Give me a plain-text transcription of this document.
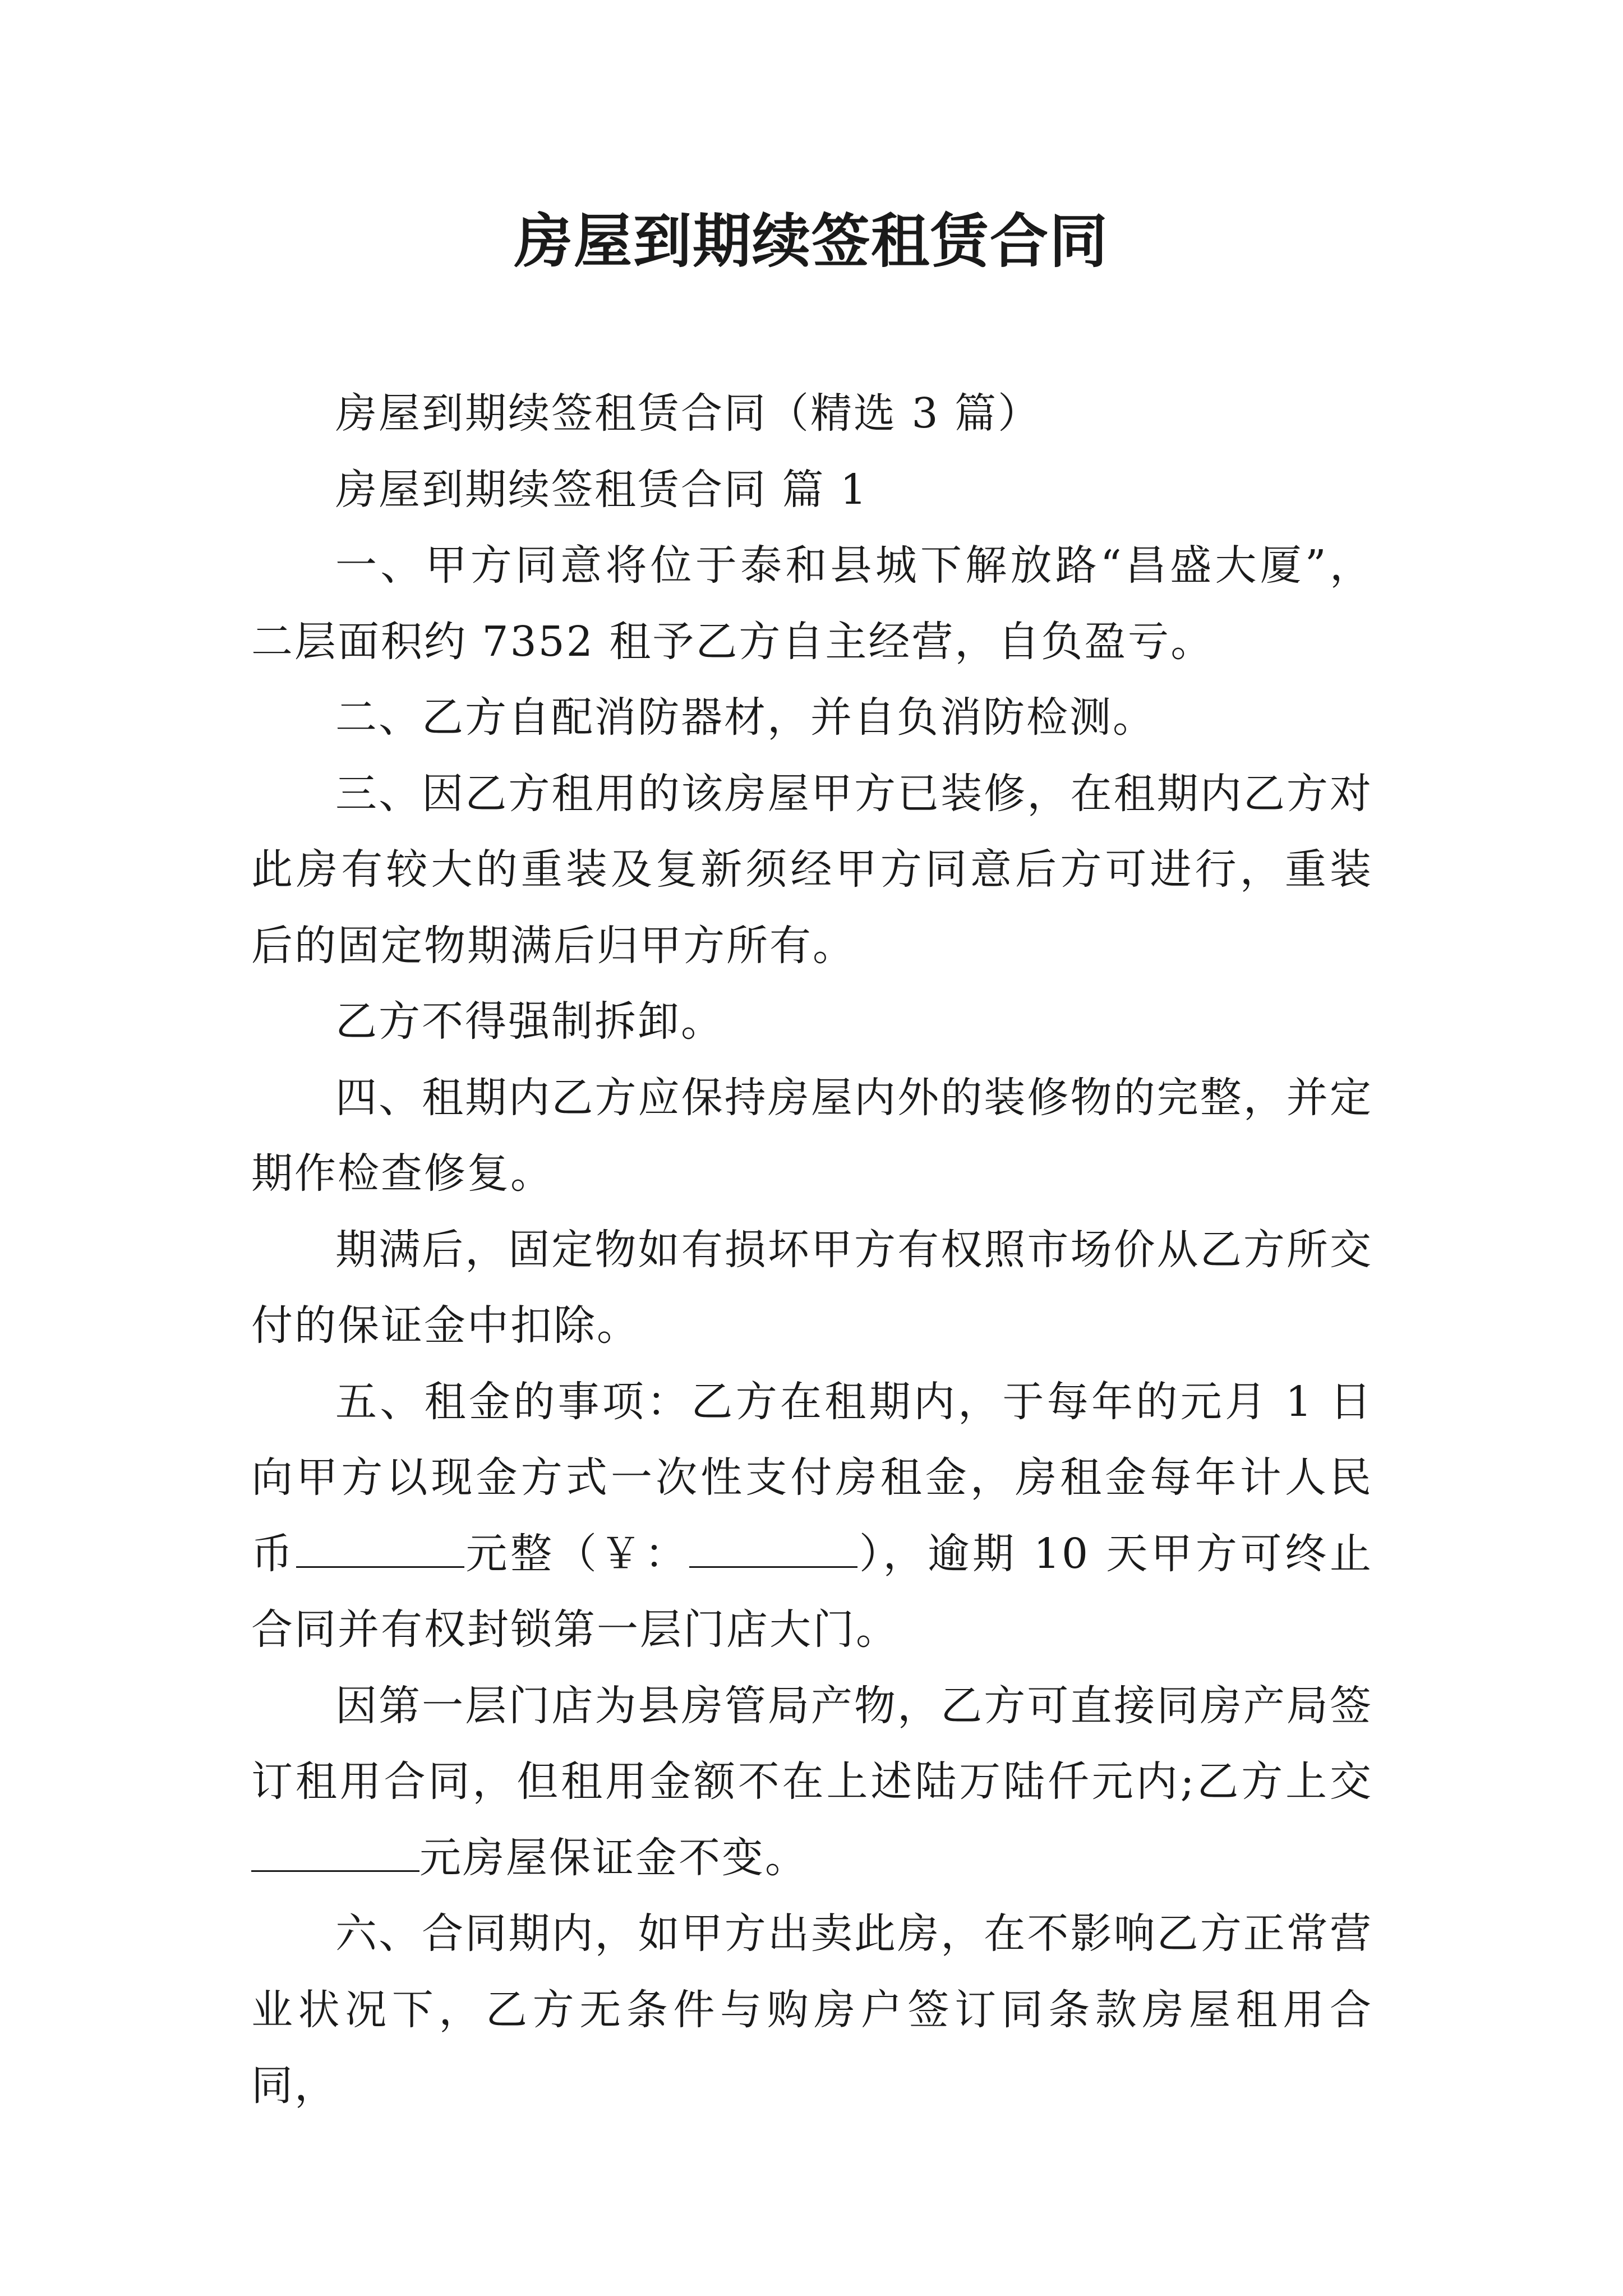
房屋到期续签租赁合同

房屋到期续签租赁合同（精选 3 篇）

房屋到期续签租赁合同 篇 1

一、甲方同意将位于泰和县城下解放路“昌盛大厦”，二层面积约 7352 租予乙方自主经营，自负盈亏。

二、乙方自配消防器材，并自负消防检测。

三、因乙方租用的该房屋甲方已装修，在租期内乙方对此房有较大的重装及复新须经甲方同意后方可进行，重装后的固定物期满后归甲方所有。

乙方不得强制拆卸。

四、租期内乙方应保持房屋内外的装修物的完整，并定期作检查修复。

期满后，固定物如有损坏甲方有权照市场价从乙方所交付的保证金中扣除。

五、租金的事项：乙方在租期内，于每年的元月 1 日向甲方以现金方式一次性支付房租金，房租金每年计人民币	元整（￥：	），逾期 10 天甲方可终止合同并有权封锁第一层门店大门。

因第一层门店为县房管局产物，乙方可直接同房产局签订租用合同，但租用金额不在上述陆万陆仟元内;乙方上交元房屋保证金不变。

六、合同期内，如甲方出卖此房，在不影响乙方正常营业状况下，乙方无条件与购房户签订同条款房屋租用合同，
